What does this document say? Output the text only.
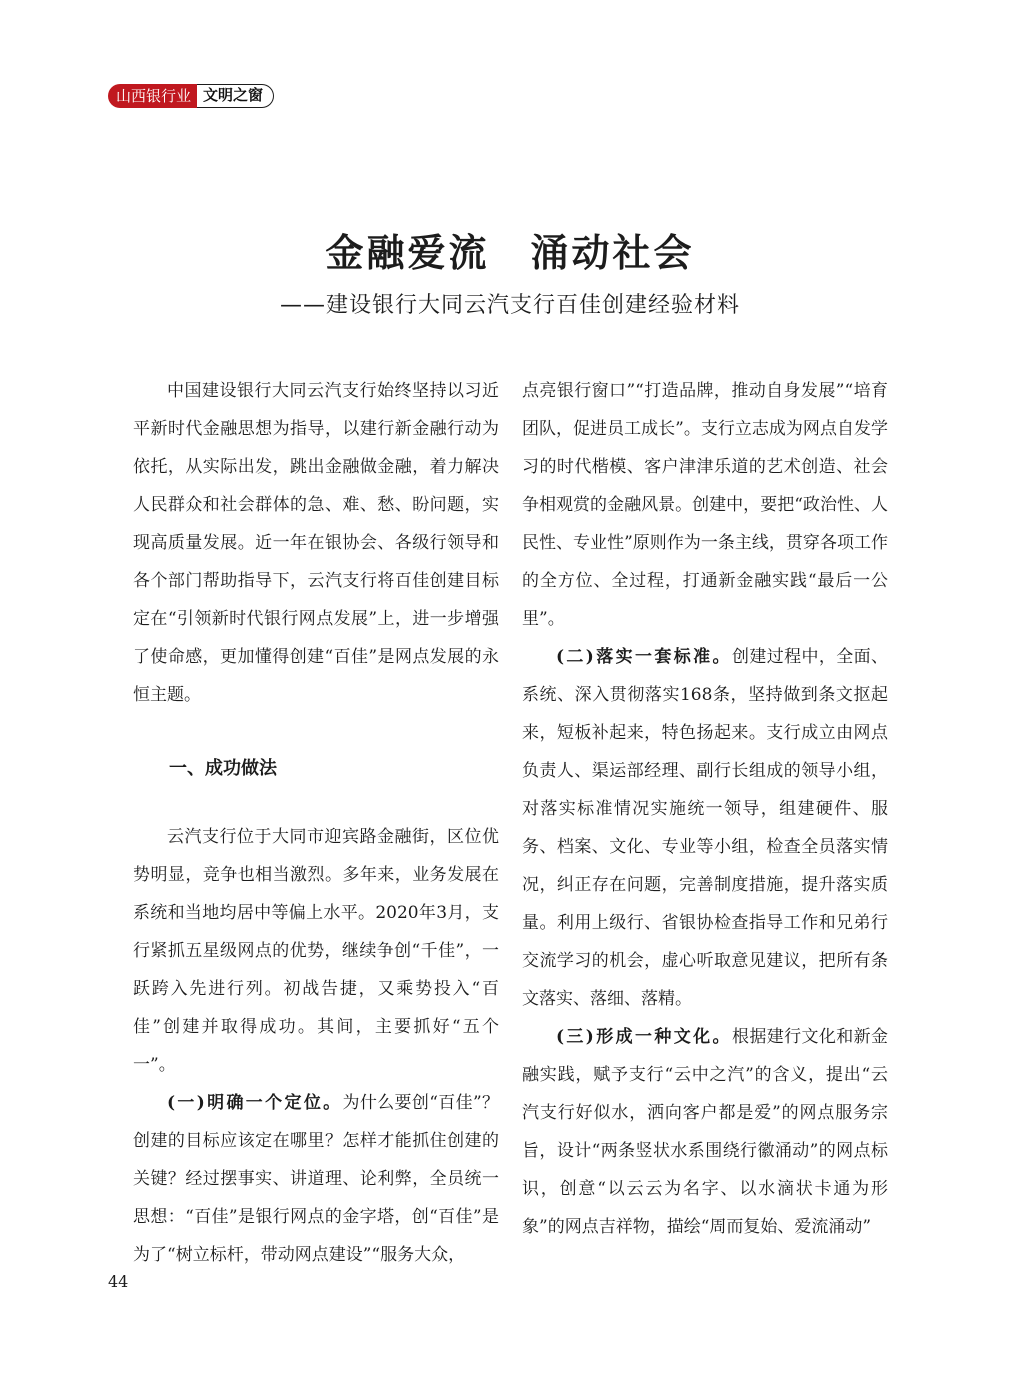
山西银行业 文明之窗
金融爱流　涌动社会
——建设银行大同云汽支行百佳创建经验材料

中国建设银行大同云汽支行始终坚持以习近平新时代金融思想为指导，以建行新金融行动为依托，从实际出发，跳出金融做金融，着力解决人民群众和社会群体的急、难、愁、盼问题，实现高质量发展。近一年在银协会、各级行领导和各个部门帮助指导下，云汽支行将百佳创建目标定在“引领新时代银行网点发展”上，进一步增强了使命感，更加懂得创建“百佳”是网点发展的永恒主题。

一、成功做法

云汽支行位于大同市迎宾路金融街，区位优势明显，竞争也相当激烈。多年来，业务发展在系统和当地均居中等偏上水平。2020年3月，支行紧抓五星级网点的优势，继续争创“千佳”，一跃跨入先进行列。初战告捷，又乘势投入“百佳”创建并取得成功。其间，主要抓好“五个一”。

(一)明确一个定位。为什么要创“百佳”？创建的目标应该定在哪里？怎样才能抓住创建的关键？经过摆事实、讲道理、论利弊，全员统一思想：“百佳”是银行网点的金字塔，创“百佳”是为了“树立标杆，带动网点建设”“服务大众，

点亮银行窗口”“打造品牌，推动自身发展”“培育团队，促进员工成长”。支行立志成为网点自发学习的时代楷模、客户津津乐道的艺术创造、社会争相观赏的金融风景。创建中，要把“政治性、人民性、专业性”原则作为一条主线，贯穿各项工作的全方位、全过程，打通新金融实践“最后一公里”。

(二)落实一套标准。创建过程中，全面、系统、深入贯彻落实168条，坚持做到条文抠起来，短板补起来，特色扬起来。支行成立由网点负责人、渠运部经理、副行长组成的领导小组，对落实标准情况实施统一领导，组建硬件、服务、档案、文化、专业等小组，检查全员落实情况，纠正存在问题，完善制度措施，提升落实质量。利用上级行、省银协检查指导工作和兄弟行交流学习的机会，虚心听取意见建议，把所有条文落实、落细、落精。

(三)形成一种文化。根据建行文化和新金融实践，赋予支行“云中之汽”的含义，提出“云汽支行好似水，洒向客户都是爱”的网点服务宗旨，设计“两条竖状水系围绕行徽涌动”的网点标识，创意“以云云为名字、以水滴状卡通为形象”的网点吉祥物，描绘“周而复始、爱流涌动”

44
